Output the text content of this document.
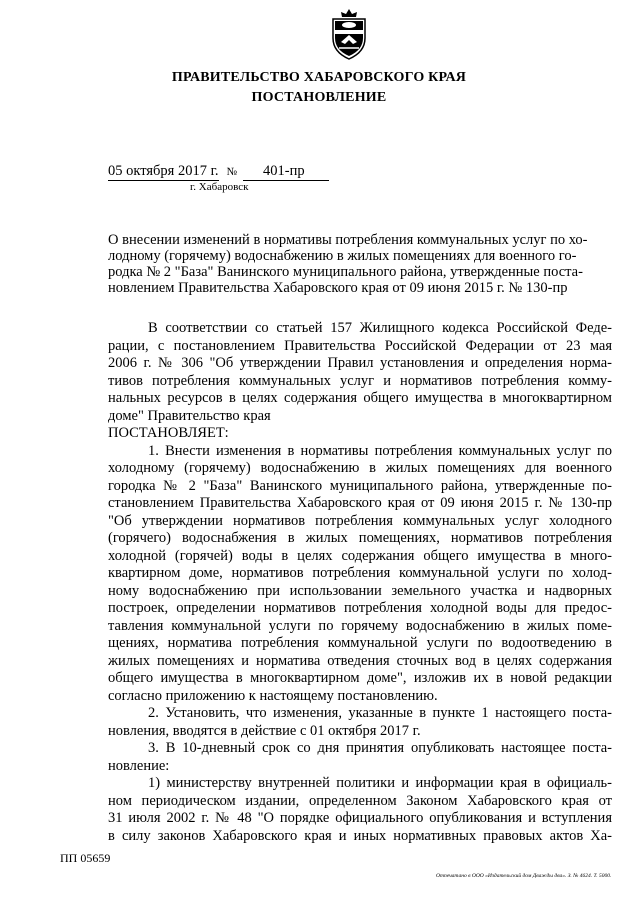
ПРАВИТЕЛЬСТВО ХАБАРОВСКОГО КРАЯ
ПОСТАНОВЛЕНИЕ
05 октября 2017 г. № 401-пр
г. Хабаровск
О внесении изменений в нормативы потребления коммунальных услуг по хо-
лодному (горячему) водоснабжению в жилых помещениях для военного го-
родка № 2 "База" Ванинского муниципального района, утвержденные поста-
новлением Правительства Хабаровского края от 09 июня 2015 г. № 130-пр
В соответствии со статьей 157 Жилищного кодекса Российской Феде-
рации, с постановлением Правительства Российской Федерации от 23 мая
2006 г. № 306 "Об утверждении Правил установления и определения норма-
тивов потребления коммунальных услуг и нормативов потребления комму-
нальных ресурсов в целях содержания общего имущества в многоквартирном
доме" Правительство края
ПОСТАНОВЛЯЕТ:
1. Внести изменения в нормативы потребления коммунальных услуг по
холодному (горячему) водоснабжению в жилых помещениях для военного
городка № 2 "База" Ванинского муниципального района, утвержденные по-
становлением Правительства Хабаровского края от 09 июня 2015 г. № 130-пр
"Об утверждении нормативов потребления коммунальных услуг холодного
(горячего) водоснабжения в жилых помещениях, нормативов потребления
холодной (горячей) воды в целях содержания общего имущества в много-
квартирном доме, нормативов потребления коммунальной услуги по холод-
ному водоснабжению при использовании земельного участка и надворных
построек, определении нормативов потребления холодной воды для предос-
тавления коммунальной услуги по горячему водоснабжению в жилых поме-
щениях, норматива потребления коммунальной услуги по водоотведению в
жилых помещениях и норматива отведения сточных вод в целях содержания
общего имущества в многоквартирном доме", изложив их в новой редакции
согласно приложению к настоящему постановлению.
2. Установить, что изменения, указанные в пункте 1 настоящего поста-
новления, вводятся в действие с 01 октября 2017 г.
3. В 10-дневный срок со дня принятия опубликовать настоящее поста-
новление:
1) министерству внутренней политики и информации края в официаль-
ном периодическом издании, определенном Законом Хабаровского края от
31 июля 2002 г. № 48 "О порядке официального опубликования и вступления
в силу законов Хабаровского края и иных нормативных правовых актов Ха-
ПП 05659
Отпечатано в ООО «Издательский дом Дважды два». З. № 4624. Т. 5000.
